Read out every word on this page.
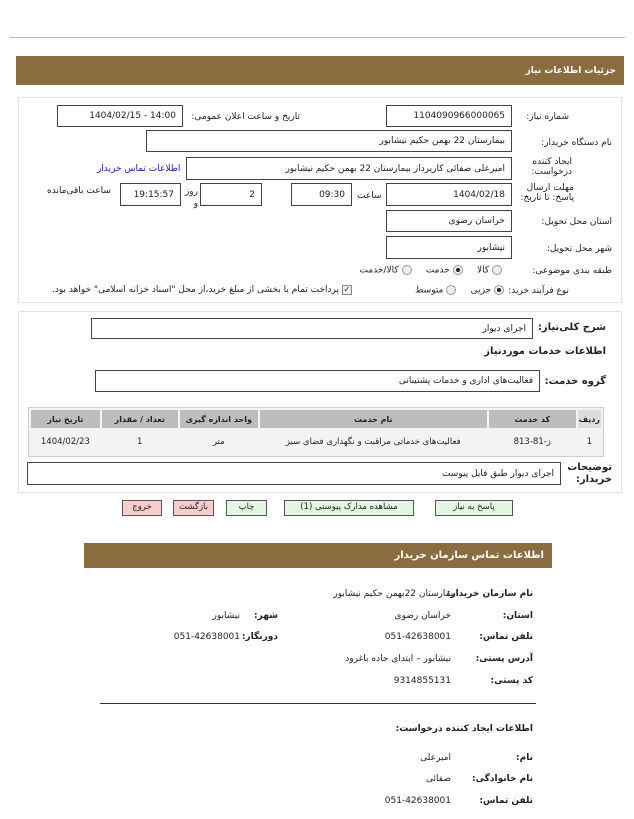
جزئیات اطلاعات نیاز
شماره نیاز:
1104090966000065
تاریخ و ساعت اعلان عمومی:
1404/02/15 - 14:00
نام دستگاه خریدار:
بیمارستان 22 بهمن حکیم نیشابور
ایجاد کننده درخواست:
امیرعلی صفائی کارپرداز بیمارستان 22 بهمن حکیم نیشابور
اطلاعات تماس خریدار
مهلت ارسال پاسخ: تا تاریخ:
1404/02/18
ساعت
09:30
2
روز و
19:15:57
ساعت باقی‌مانده
استان محل تحویل:
خراسان رضوی
شهر محل تحویل:
نیشابور
طبقه بندی موضوعی:
کالا      خدمت      کالا/خدمت
نوع فرآیند خرید:
جزیی      متوسط
✓ پرداخت تمام یا بخشی از مبلغ خرید،از محل "اسناد خزانه اسلامی" خواهد بود.
شرح کلی‌نیاز:
اجرای دیوار
اطلاعات خدمات موردنیاز
گروه خدمت:
فعالیت‌های اداری و خدمات پشتیبانی
ردیف	کد خدمت	نام خدمت	واحد اندازه گیری	تعداد / مقدار	تاریخ نیاز
1	ز-81-813	فعالیت‌های خدماتی مراقبت و نگهداری فضای سبز	متر	1	1404/02/23
توضیحات خریدار:
اجرای دیوار طبق فایل پیوست
پاسخ به نیاز
مشاهده مدارک پیوستی (1)
چاپ
بازگشت
خروج
اطلاعات تماس سازمان خریدار
نام سازمان خریدار:
بیمارستان 22بهمن حکیم نیشابور
استان:
خراسان رضوی
شهر:
نیشابور
تلفن تماس:
051-42638001
دورنگار:
051-42638001
آدرس پستی:
نیشابور – ابتدای جاده باغرود
کد پستی:
9314855131
اطلاعات ایجاد کننده درخواست:
نام:
امیرعلی
نام خانوادگی:
صفائی
تلفن تماس:
051-42638001
